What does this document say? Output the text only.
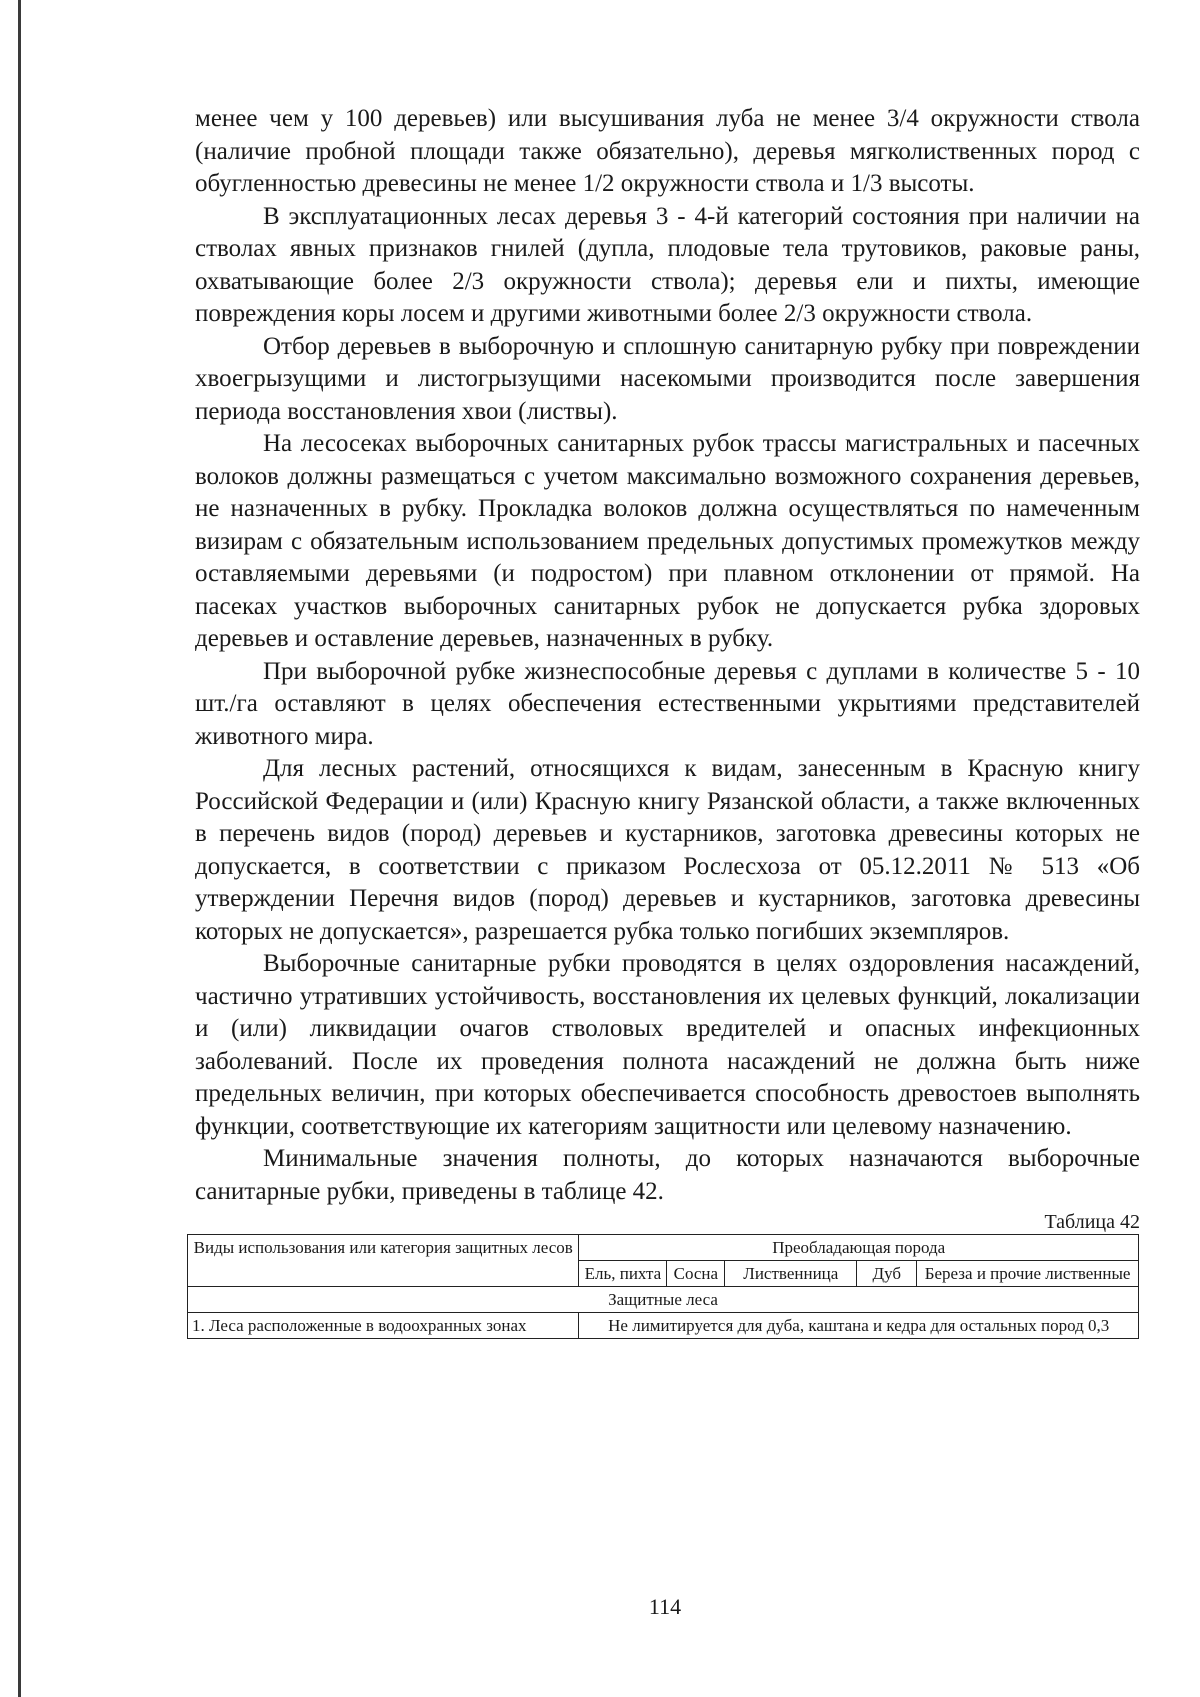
менее чем у 100 деревьев) или высушивания луба не менее 3/4 окружности ствола (наличие пробной площади также обязательно), деревья мягколиственных пород с обугленностью древесины не менее 1/2 окружности ствола и 1/3 высоты.

В эксплуатационных лесах деревья 3 - 4-й категорий состояния при наличии на стволах явных признаков гнилей (дупла, плодовые тела трутовиков, раковые раны, охватывающие более 2/3 окружности ствола); деревья ели и пихты, имеющие повреждения коры лосем и другими животными более 2/3 окружности ствола.

Отбор деревьев в выборочную и сплошную санитарную рубку при повреждении хвоегрызущими и листогрызущими насекомыми производится после завершения периода восстановления хвои (листвы).

На лесосеках выборочных санитарных рубок трассы магистральных и пасечных волоков должны размещаться с учетом максимально возможного сохранения деревьев, не назначенных в рубку. Прокладка волоков должна осуществляться по намеченным визирам с обязательным использованием предельных допустимых промежутков между оставляемыми деревьями (и подростом) при плавном отклонении от прямой. На пасеках участков выборочных санитарных рубок не допускается рубка здоровых деревьев и оставление деревьев, назначенных в рубку.

При выборочной рубке жизнеспособные деревья с дуплами в количестве 5 - 10 шт./га оставляют в целях обеспечения естественными укрытиями представителей животного мира.

Для лесных растений, относящихся к видам, занесенным в Красную книгу Российской Федерации и (или) Красную книгу Рязанской области, а также включенных в перечень видов (пород) деревьев и кустарников, заготовка древесины которых не допускается, в соответствии с приказом Рослесхоза от 05.12.2011 № 513 «Об утверждении Перечня видов (пород) деревьев и кустарников, заготовка древесины которых не допускается», разрешается рубка только погибших экземпляров.

Выборочные санитарные рубки проводятся в целях оздоровления насаждений, частично утративших устойчивость, восстановления их целевых функций, локализации и (или) ликвидации очагов стволовых вредителей и опасных инфекционных заболеваний. После их проведения полнота насаждений не должна быть ниже предельных величин, при которых обеспечивается способность древостоев выполнять функции, соответствующие их категориям защитности или целевому назначению.

Минимальные значения полноты, до которых назначаются выборочные санитарные рубки, приведены в таблице 42.

Таблица 42
Виды использования или категория защитных лесов	Преобладающая порода				
	Ель, пихта	Сосна	Лиственница	Дуб	Береза и прочие лиственные
Защитные леса					
1. Леса расположенные в водоохранных зонах	Не лимитируется для дуба, каштана и кедра для остальных пород 0,3				
114
